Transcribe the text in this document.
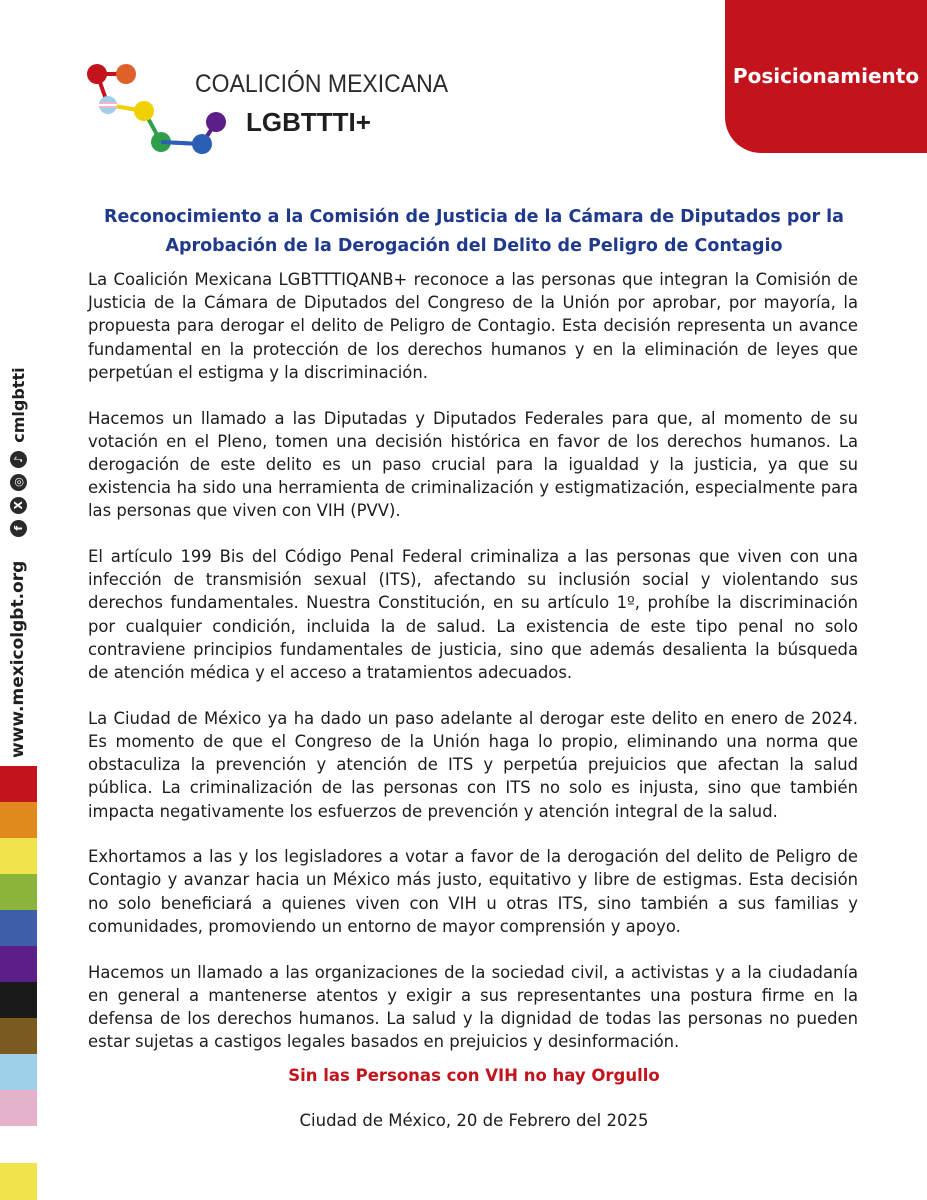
COALICIÓN MEXICANA
LGBTTTI+
Posicionamiento
www.mexicolgbt.org
f
X
◎
♪
cmlgbtti
Reconocimiento a la Comisión de Justicia de la Cámara de Diputados por la Aprobación de la Derogación del Delito de Peligro de Contagio

La Coalición Mexicana LGBTTTIQANB+ reconoce a las personas que integran la Comisión de Justicia de la Cámara de Diputados del Congreso de la Unión por aprobar, por mayoría, la propuesta para derogar el delito de Peligro de Contagio. Esta decisión representa un avance fundamental en la protección de los derechos humanos y en la eliminación de leyes que perpetúan el estigma y la discriminación.

Hacemos un llamado a las Diputadas y Diputados Federales para que, al momento de su votación en el Pleno, tomen una decisión histórica en favor de los derechos humanos. La derogación de este delito es un paso crucial para la igualdad y la justicia, ya que su existencia ha sido una herramienta de criminalización y estigmatización, especialmente para las personas que viven con VIH (PVV).

El artículo 199 Bis del Código Penal Federal criminaliza a las personas que viven con una infección de transmisión sexual (ITS), afectando su inclusión social y violentando sus derechos fundamentales. Nuestra Constitución, en su artículo 1º, prohíbe la discriminación por cualquier condición, incluida la de salud. La existencia de este tipo penal no solo contraviene principios fundamentales de justicia, sino que además desalienta la búsqueda de atención médica y el acceso a tratamientos adecuados.

La Ciudad de México ya ha dado un paso adelante al derogar este delito en enero de 2024. Es momento de que el Congreso de la Unión haga lo propio, eliminando una norma que obstaculiza la prevención y atención de ITS y perpetúa prejuicios que afectan la salud pública. La criminalización de las personas con ITS no solo es injusta, sino que también impacta negativamente los esfuerzos de prevención y atención integral de la salud.

Exhortamos a las y los legisladores a votar a favor de la derogación del delito de Peligro de Contagio y avanzar hacia un México más justo, equitativo y libre de estigmas. Esta decisión no solo beneficiará a quienes viven con VIH u otras ITS, sino también a sus familias y comunidades, promoviendo un entorno de mayor comprensión y apoyo.

Hacemos un llamado a las organizaciones de la sociedad civil, a activistas y a la ciudadanía en general a mantenerse atentos y exigir a sus representantes una postura firme en la defensa de los derechos humanos. La salud y la dignidad de todas las personas no pueden estar sujetas a castigos legales basados en prejuicios y desinformación.

Sin las Personas con VIH no hay Orgullo
Ciudad de México, 20 de Febrero del 2025
